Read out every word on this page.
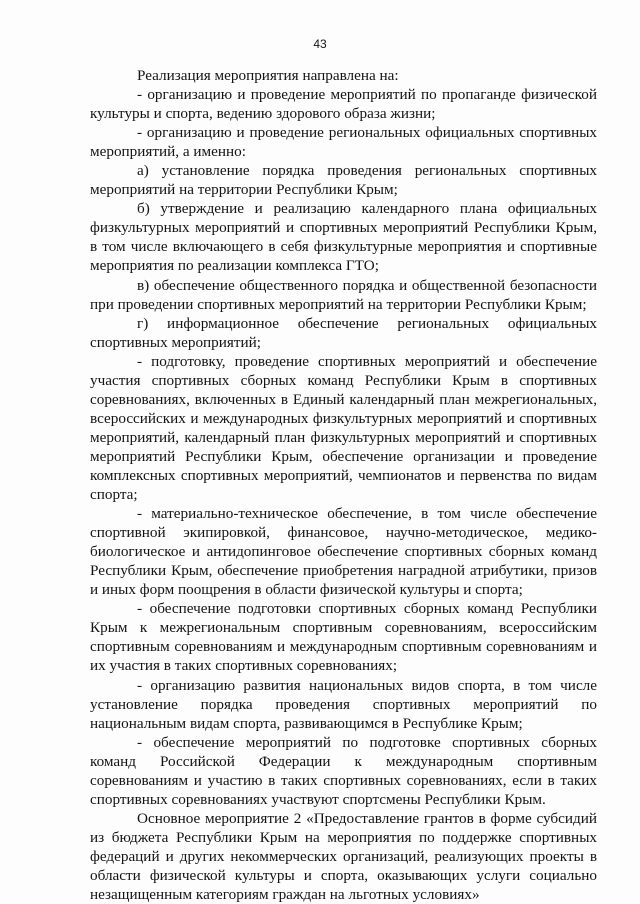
43

Реализация мероприятия направлена на:

- организацию и проведение мероприятий по пропаганде физической культуры и спорта, ведению здорового образа жизни;

- организацию и проведение региональных официальных спортивных мероприятий, а именно:

а) установление порядка проведения региональных спортивных мероприятий на территории Республики Крым;

б) утверждение и реализацию календарного плана официальных физкультурных мероприятий и спортивных мероприятий Республики Крым, в том числе включающего в себя физкультурные мероприятия и спортивные мероприятия по реализации комплекса ГТО;

в) обеспечение общественного порядка и общественной безопасности при проведении спортивных мероприятий на территории Республики Крым;

г) информационное обеспечение региональных официальных спортивных мероприятий;

- подготовку, проведение спортивных мероприятий и обеспечение участия спортивных сборных команд Республики Крым в спортивных соревнованиях, включенных в Единый календарный план межрегиональных, всероссийских и международных физкультурных мероприятий и спортивных мероприятий, календарный план физкультурных мероприятий и спортивных мероприятий Республики Крым, обеспечение организации и проведение комплексных спортивных мероприятий, чемпионатов и первенства по видам спорта;

- материально-техническое обеспечение, в том числе обеспечение спортивной экипировкой, финансовое, научно-методическое, медико-биологическое и антидопинговое обеспечение спортивных сборных команд Республики Крым, обеспечение приобретения наградной атрибутики, призов и иных форм поощрения в области физической культуры и спорта;

- обеспечение подготовки спортивных сборных команд Республики Крым к межрегиональным спортивным соревнованиям, всероссийским спортивным соревнованиям и международным спортивным соревнованиям и их участия в таких спортивных соревнованиях;

- организацию развития национальных видов спорта, в том числе установление порядка проведения спортивных мероприятий по национальным видам спорта, развивающимся в Республике Крым;

- обеспечение мероприятий по подготовке спортивных сборных команд Российской Федерации к международным спортивным соревнованиям и участию в таких спортивных соревнованиях, если в таких спортивных соревнованиях участвуют спортсмены Республики Крым.

Основное мероприятие 2 «Предоставление грантов в форме субсидий из бюджета Республики Крым на мероприятия по поддержке спортивных федераций и других некоммерческих организаций, реализующих проекты в области физической культуры и спорта, оказывающих услуги социально незащищенным категориям граждан на льготных условиях»
